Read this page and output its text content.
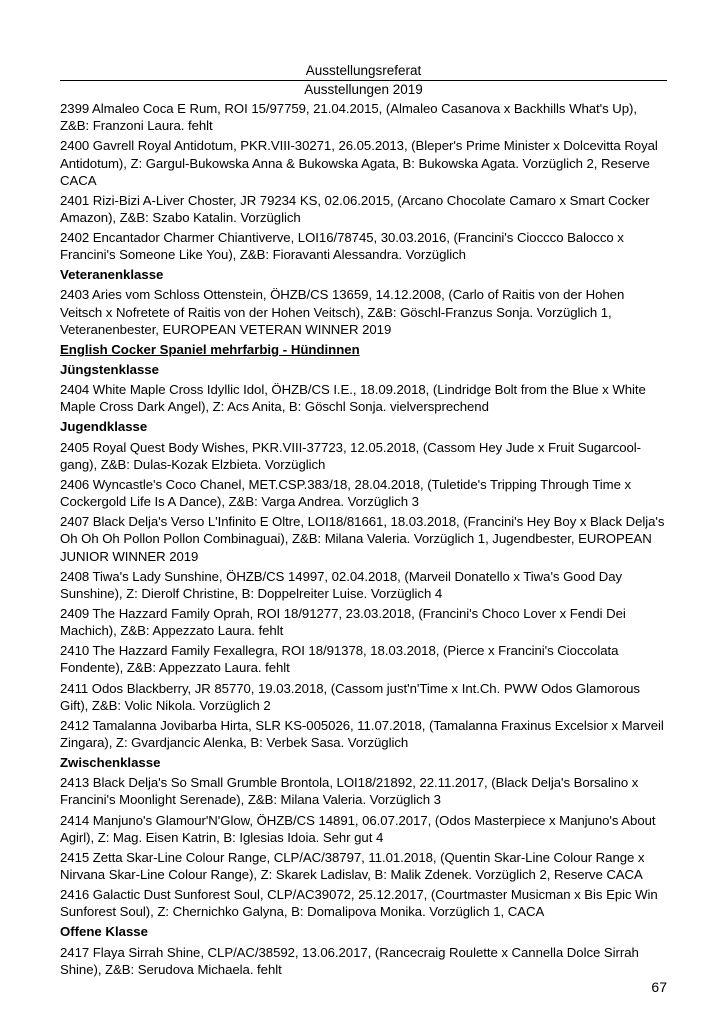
Ausstellungsreferat
Ausstellungen 2019
2399 Almaleo Coca E Rum, ROI 15/97759, 21.04.2015, (Almaleo Casanova x Backhills What's Up), Z&B: Franzoni Laura. fehlt
2400 Gavrell Royal Antidotum, PKR.VIII-30271, 26.05.2013, (Bleper's Prime Minister x Dolcevitta Royal Antidotum), Z: Gargul-Bukowska Anna & Bukowska Agata, B: Bukowska Agata. Vorzüglich 2, Reserve CACA
2401 Rizi-Bizi A-Liver Choster, JR 79234 KS, 02.06.2015, (Arcano Chocolate Camaro x Smart Cocker Amazon), Z&B: Szabo Katalin. Vorzüglich
2402 Encantador Charmer Chiantiverve, LOI16/78745, 30.03.2016, (Francini's Cioccco Balocco x Francini's Someone Like You), Z&B: Fioravanti Alessandra. Vorzüglich
Veteranenklasse
2403 Aries vom Schloss Ottenstein, ÖHZB/CS 13659, 14.12.2008, (Carlo of Raitis von der Hohen Veitsch x Nofretete of Raitis von der Hohen Veitsch), Z&B: Göschl-Franzus Sonja. Vorzüglich 1, Veteranenbester, EUROPEAN VETERAN WINNER 2019
English Cocker Spaniel mehrfarbig - Hündinnen
Jüngstenklasse
2404 White Maple Cross Idyllic Idol, ÖHZB/CS I.E., 18.09.2018, (Lindridge Bolt from the Blue x White Maple Cross Dark Angel), Z: Acs Anita, B: Göschl Sonja. vielversprechend
Jugendklasse
2405 Royal Quest Body Wishes, PKR.VIII-37723, 12.05.2018, (Cassom Hey Jude x Fruit Sugarcool-gang), Z&B: Dulas-Kozak Elzbieta. Vorzüglich
2406 Wyncastle's Coco Chanel, MET.CSP.383/18, 28.04.2018, (Tuletide's Tripping Through Time x Cockergold Life Is A Dance), Z&B: Varga Andrea. Vorzüglich 3
2407 Black Delja's Verso L'Infinito E Oltre, LOI18/81661, 18.03.2018, (Francini's Hey Boy x Black Delja's Oh Oh Oh Pollon Pollon Combinaguai), Z&B: Milana Valeria. Vorzüglich 1, Jugendbester, EUROPEAN JUNIOR WINNER 2019
2408 Tiwa's Lady Sunshine, ÖHZB/CS 14997, 02.04.2018, (Marveil Donatello x Tiwa's Good Day Sunshine), Z: Dierolf Christine, B: Doppelreiter Luise. Vorzüglich 4
2409 The Hazzard Family Oprah, ROI 18/91277, 23.03.2018, (Francini's Choco Lover x Fendi Dei Machich), Z&B: Appezzato Laura. fehlt
2410 The Hazzard Family Fexallegra, ROI 18/91378, 18.03.2018, (Pierce x Francini's Cioccolata Fondente), Z&B: Appezzato Laura. fehlt
2411 Odos Blackberry, JR 85770, 19.03.2018, (Cassom just'n'Time x Int.Ch. PWW Odos Glamorous Gift), Z&B: Volic Nikola. Vorzüglich 2
2412 Tamalanna Jovibarba Hirta, SLR KS-005026, 11.07.2018, (Tamalanna Fraxinus Excelsior x Marveil Zingara), Z: Gvardjancic Alenka, B: Verbek Sasa. Vorzüglich
Zwischenklasse
2413 Black Delja's So Small Grumble Brontola, LOI18/21892, 22.11.2017, (Black Delja's Borsalino x Francini's Moonlight Serenade), Z&B: Milana Valeria. Vorzüglich 3
2414 Manjuno's Glamour'N'Glow, ÖHZB/CS 14891, 06.07.2017, (Odos Masterpiece x Manjuno's About Agirl), Z: Mag. Eisen Katrin, B: Iglesias Idoia. Sehr gut 4
2415 Zetta Skar-Line Colour Range, CLP/AC/38797, 11.01.2018, (Quentin Skar-Line Colour Range x Nirvana Skar-Line Colour Range), Z: Skarek Ladislav, B: Malik Zdenek. Vorzüglich 2, Reserve CACA
2416 Galactic Dust Sunforest Soul, CLP/AC39072, 25.12.2017, (Courtmaster Musicman x Bis Epic Win Sunforest Soul), Z: Chernichko Galyna, B: Domalipova Monika. Vorzüglich 1, CACA
Offene Klasse
2417 Flaya Sirrah Shine, CLP/AC/38592, 13.06.2017, (Rancecraig Roulette x Cannella Dolce Sirrah Shine), Z&B: Serudova Michaela. fehlt
67
